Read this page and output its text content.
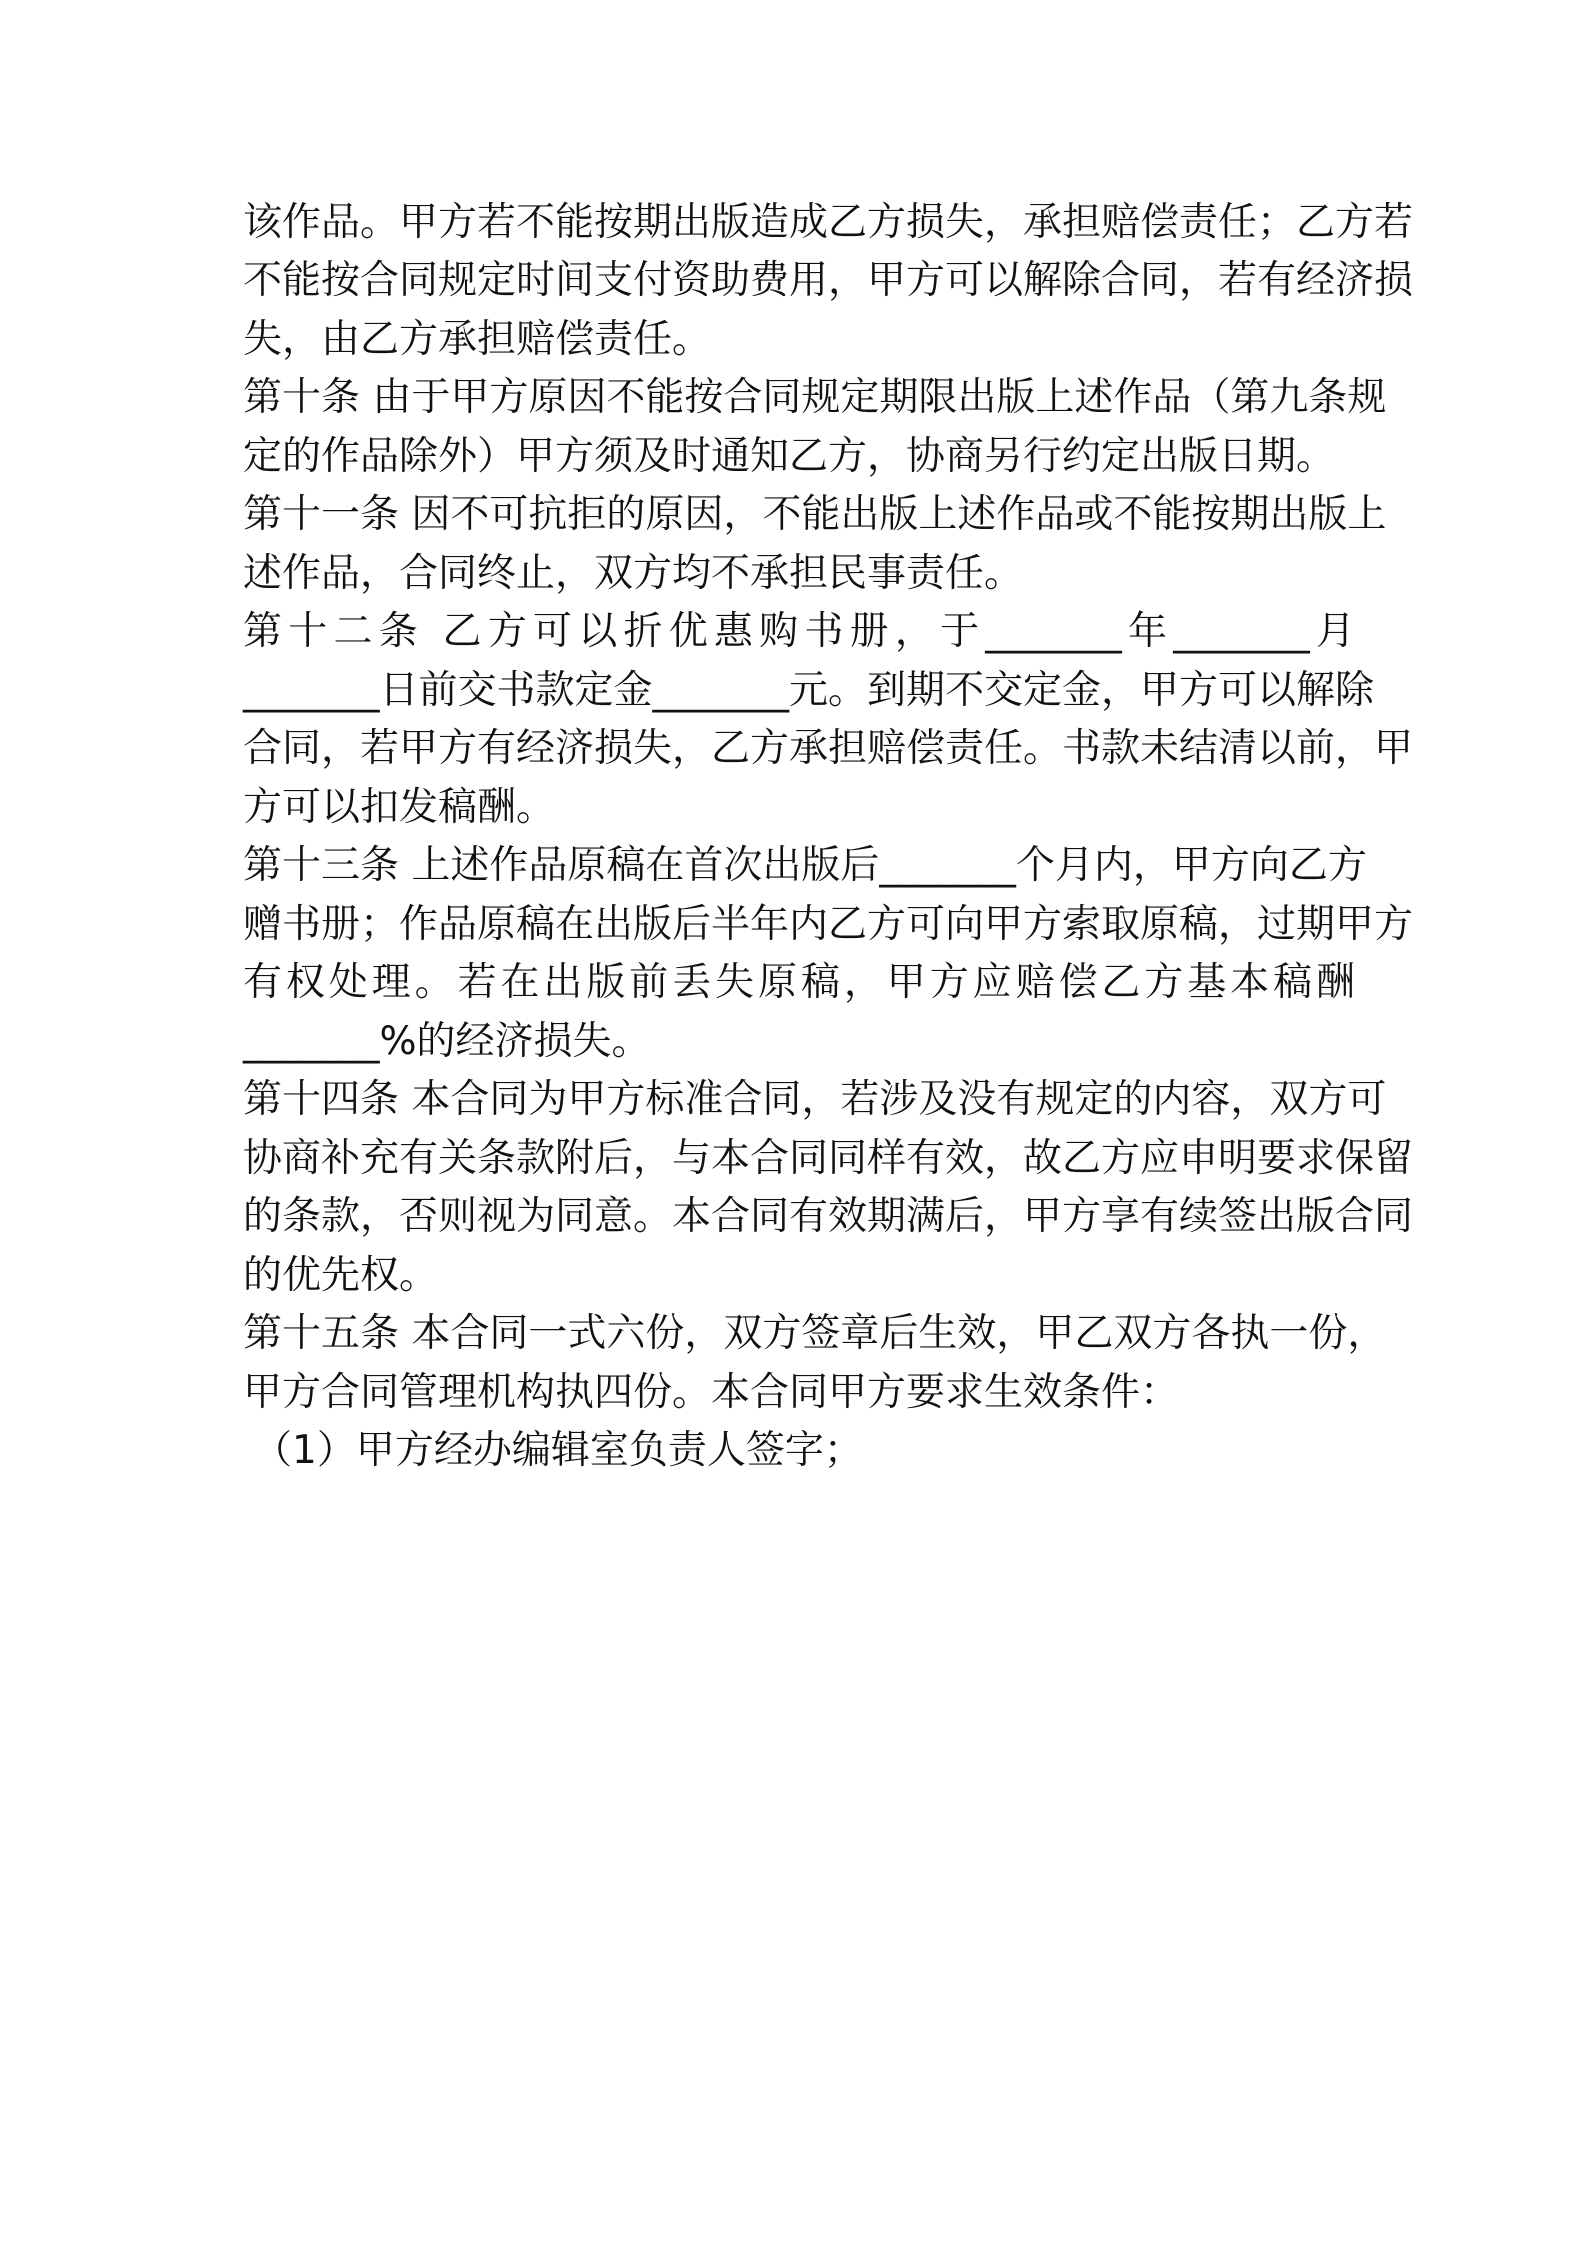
该作品。甲方若不能按期出版造成乙方损失，承担赔偿责任；乙方若
不能按合同规定时间支付资助费用，甲方可以解除合同，若有经济损
失，由乙方承担赔偿责任。
第十条 由于甲方原因不能按合同规定期限出版上述作品（第九条规
定的作品除外）甲方须及时通知乙方，协商另行约定出版日期。
第十一条 因不可抗拒的原因，不能出版上述作品或不能按期出版上
述作品，合同终止，双方均不承担民事责任。
第十二条 乙方可以折优惠购书册，于_______年_______月
_______日前交书款定金_______元。到期不交定金，甲方可以解除
合同，若甲方有经济损失，乙方承担赔偿责任。书款未结清以前，甲
方可以扣发稿酬。
第十三条 上述作品原稿在首次出版后_______个月内，甲方向乙方
赠书册；作品原稿在出版后半年内乙方可向甲方索取原稿，过期甲方
有权处理。若在出版前丢失原稿，甲方应赔偿乙方基本稿酬
_______%的经济损失。
第十四条 本合同为甲方标准合同，若涉及没有规定的内容，双方可
协商补充有关条款附后，与本合同同样有效，故乙方应申明要求保留
的条款，否则视为同意。本合同有效期满后，甲方享有续签出版合同
的优先权。
第十五条 本合同一式六份，双方签章后生效，甲乙双方各执一份，
甲方合同管理机构执四份。本合同甲方要求生效条件：
（1）甲方经办编辑室负责人签字；
